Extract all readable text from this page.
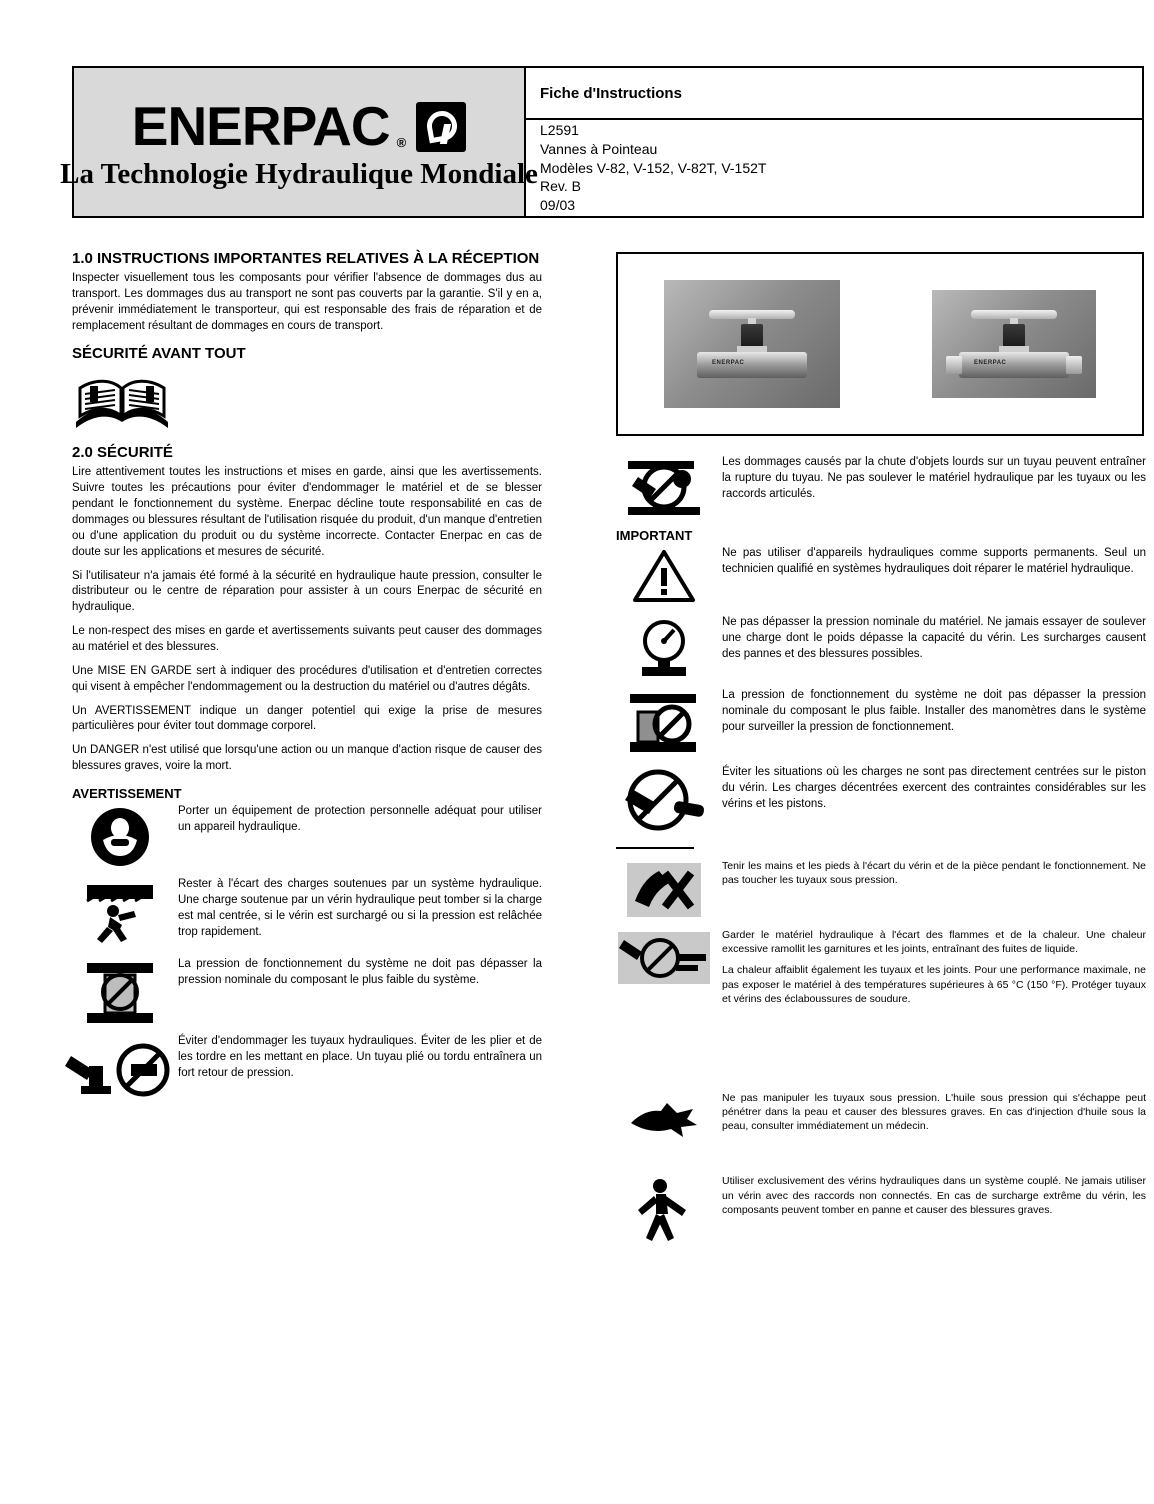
ENERPAC ®
La Technologie Hydraulique Mondiale
Fiche d'Instructions
L2591
Vannes à Pointeau
Modèles V-82, V-152, V-82T, V-152T
Rev. B
09/03
ENERPAC	ENERPAC
1.0 INSTRUCTIONS IMPORTANTES RELATIVES À LA RÉCEPTION

Inspecter visuellement tous les composants pour vérifier l'absence de dommages dus au transport. Les dommages dus au transport ne sont pas couverts par la garantie. S'il y en a, prévenir immédiatement le transporteur, qui est responsable des frais de réparation et de remplacement résultant de dommages en cours de transport.

SÉCURITÉ AVANT TOUT
2.0 SÉCURITÉ

Lire attentivement toutes les instructions et mises en garde, ainsi que les avertissements. Suivre toutes les précautions pour éviter d'endommager le matériel et de se blesser pendant le fonctionnement du système. Enerpac décline toute responsabilité en cas de dommages ou blessures résultant de l'utilisation risquée du produit, d'un manque d'entretien ou d'une application du produit ou du système incorrecte. Contacter Enerpac en cas de doute sur les applications et mesures de sécurité.

Si l'utilisateur n'a jamais été formé à la sécurité en hydraulique haute pression, consulter le distributeur ou le centre de réparation pour assister à un cours Enerpac de sécurité en hydraulique.

Le non-respect des mises en garde et avertissements suivants peut causer des dommages au matériel et des blessures.

Une MISE EN GARDE sert à indiquer des procédures d'utilisation et d'entretien correctes qui visent à empêcher l'endommagement ou la destruction du matériel ou d'autres dégâts.

Un AVERTISSEMENT indique un danger potentiel qui exige la prise de mesures particulières pour éviter tout dommage corporel.

Un DANGER n'est utilisé que lorsqu'une action ou un manque d'action risque de causer des blessures graves, voire la mort.

AVERTISSEMENT

Porter un équipement de protection personnelle adéquat pour utiliser un appareil hydraulique.

Rester à l'écart des charges soutenues par un système hydraulique. Une charge soutenue par un vérin hydraulique peut tomber si la charge est mal centrée, si le vérin est surchargé ou si la pression est relâchée trop rapidement.

La pression de fonctionnement du système ne doit pas dépasser la pression nominale du composant le plus faible du système.

Éviter d'endommager les tuyaux hydrauliques. Éviter de les plier et de les tordre en les mettant en place. Un tuyau plié ou tordu entraînera un fort retour de pression.

Les dommages causés par la chute d'objets lourds sur un tuyau peuvent entraîner la rupture du tuyau. Ne pas soulever le matériel hydraulique par les tuyaux ou les raccords articulés.

IMPORTANT

Ne pas utiliser d'appareils hydrauliques comme supports permanents. Seul un technicien qualifié en systèmes hydrauliques doit réparer le matériel hydraulique.

Ne pas dépasser la pression nominale du matériel. Ne jamais essayer de soulever une charge dont le poids dépasse la capacité du vérin. Les surcharges causent des pannes et des blessures possibles.

La pression de fonctionnement du système ne doit pas dépasser la pression nominale du composant le plus faible. Installer des manomètres dans le système pour surveiller la pression de fonctionnement.

Éviter les situations où les charges ne sont pas directement centrées sur le piston du vérin. Les charges décentrées exercent des contraintes considérables sur les vérins et les pistons.

Tenir les mains et les pieds à l'écart du vérin et de la pièce pendant le fonctionnement. Ne pas toucher les tuyaux sous pression.

Garder le matériel hydraulique à l'écart des flammes et de la chaleur. Une chaleur excessive ramollit les garnitures et les joints, entraînant des fuites de liquide.

La chaleur affaiblit également les tuyaux et les joints. Pour une performance maximale, ne pas exposer le matériel à des températures supérieures à 65 °C (150 °F). Protéger tuyaux et vérins des éclaboussures de soudure.

Ne pas manipuler les tuyaux sous pression. L'huile sous pression qui s'échappe peut pénétrer dans la peau et causer des blessures graves. En cas d'injection d'huile sous la peau, consulter immédiatement un médecin.

Utiliser exclusivement des vérins hydrauliques dans un système couplé. Ne jamais utiliser un vérin avec des raccords non connectés. En cas de surcharge extrême du vérin, les composants peuvent tomber en panne et causer des blessures graves.
